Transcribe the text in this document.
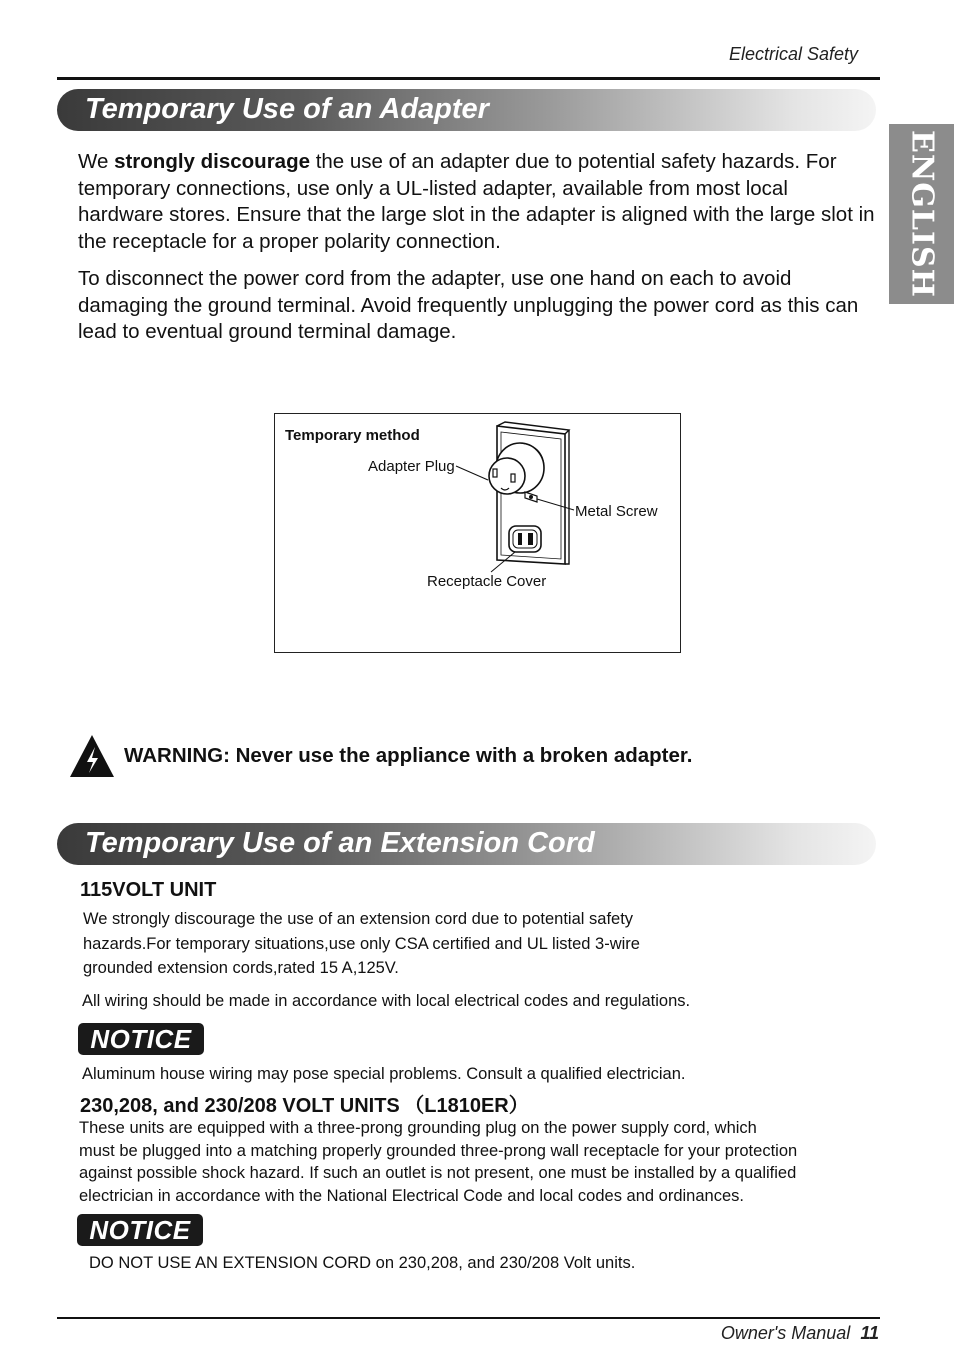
Electrical Safety
ENGLISH
Temporary Use of an Adapter
We strongly discourage the use of an adapter due to potential safety hazards. For temporary connections, use only a UL-listed adapter, available from most local hardware stores. Ensure that the large slot in the adapter is aligned with the large slot in the receptacle for a proper polarity connection.
To disconnect the power cord from the adapter, use one hand on each to avoid damaging the ground terminal. Avoid frequently unplugging the power cord as this can lead to eventual ground terminal damage.
Temporary method
Adapter Plug
Metal Screw
Receptacle Cover
WARNING: Never use the appliance with a broken adapter.
Temporary Use of an Extension Cord
115VOLT UNIT
We strongly discourage the use of an extension cord due to potential safety
hazards.For temporary situations,use only CSA certified and UL listed 3-wire
grounded extension cords,rated 15 A,125V.
All wiring should be made in accordance with local electrical codes and regulations.
NOTICE
Aluminum house wiring may pose special problems. Consult a qualified electrician.
230,208, and 230/208 VOLT UNITS （L1810ER）
These units are equipped with a three-prong grounding plug on the power supply cord, which
must be plugged into a matching properly grounded three-prong wall receptacle for your protection
against possible shock hazard. If such an outlet is not present, one must be installed by a qualified
electrician in accordance with the National Electrical Code and local codes and ordinances.
NOTICE
DO NOT USE AN EXTENSION CORD on 230,208, and 230/208 Volt units.
Owner's Manual 11
